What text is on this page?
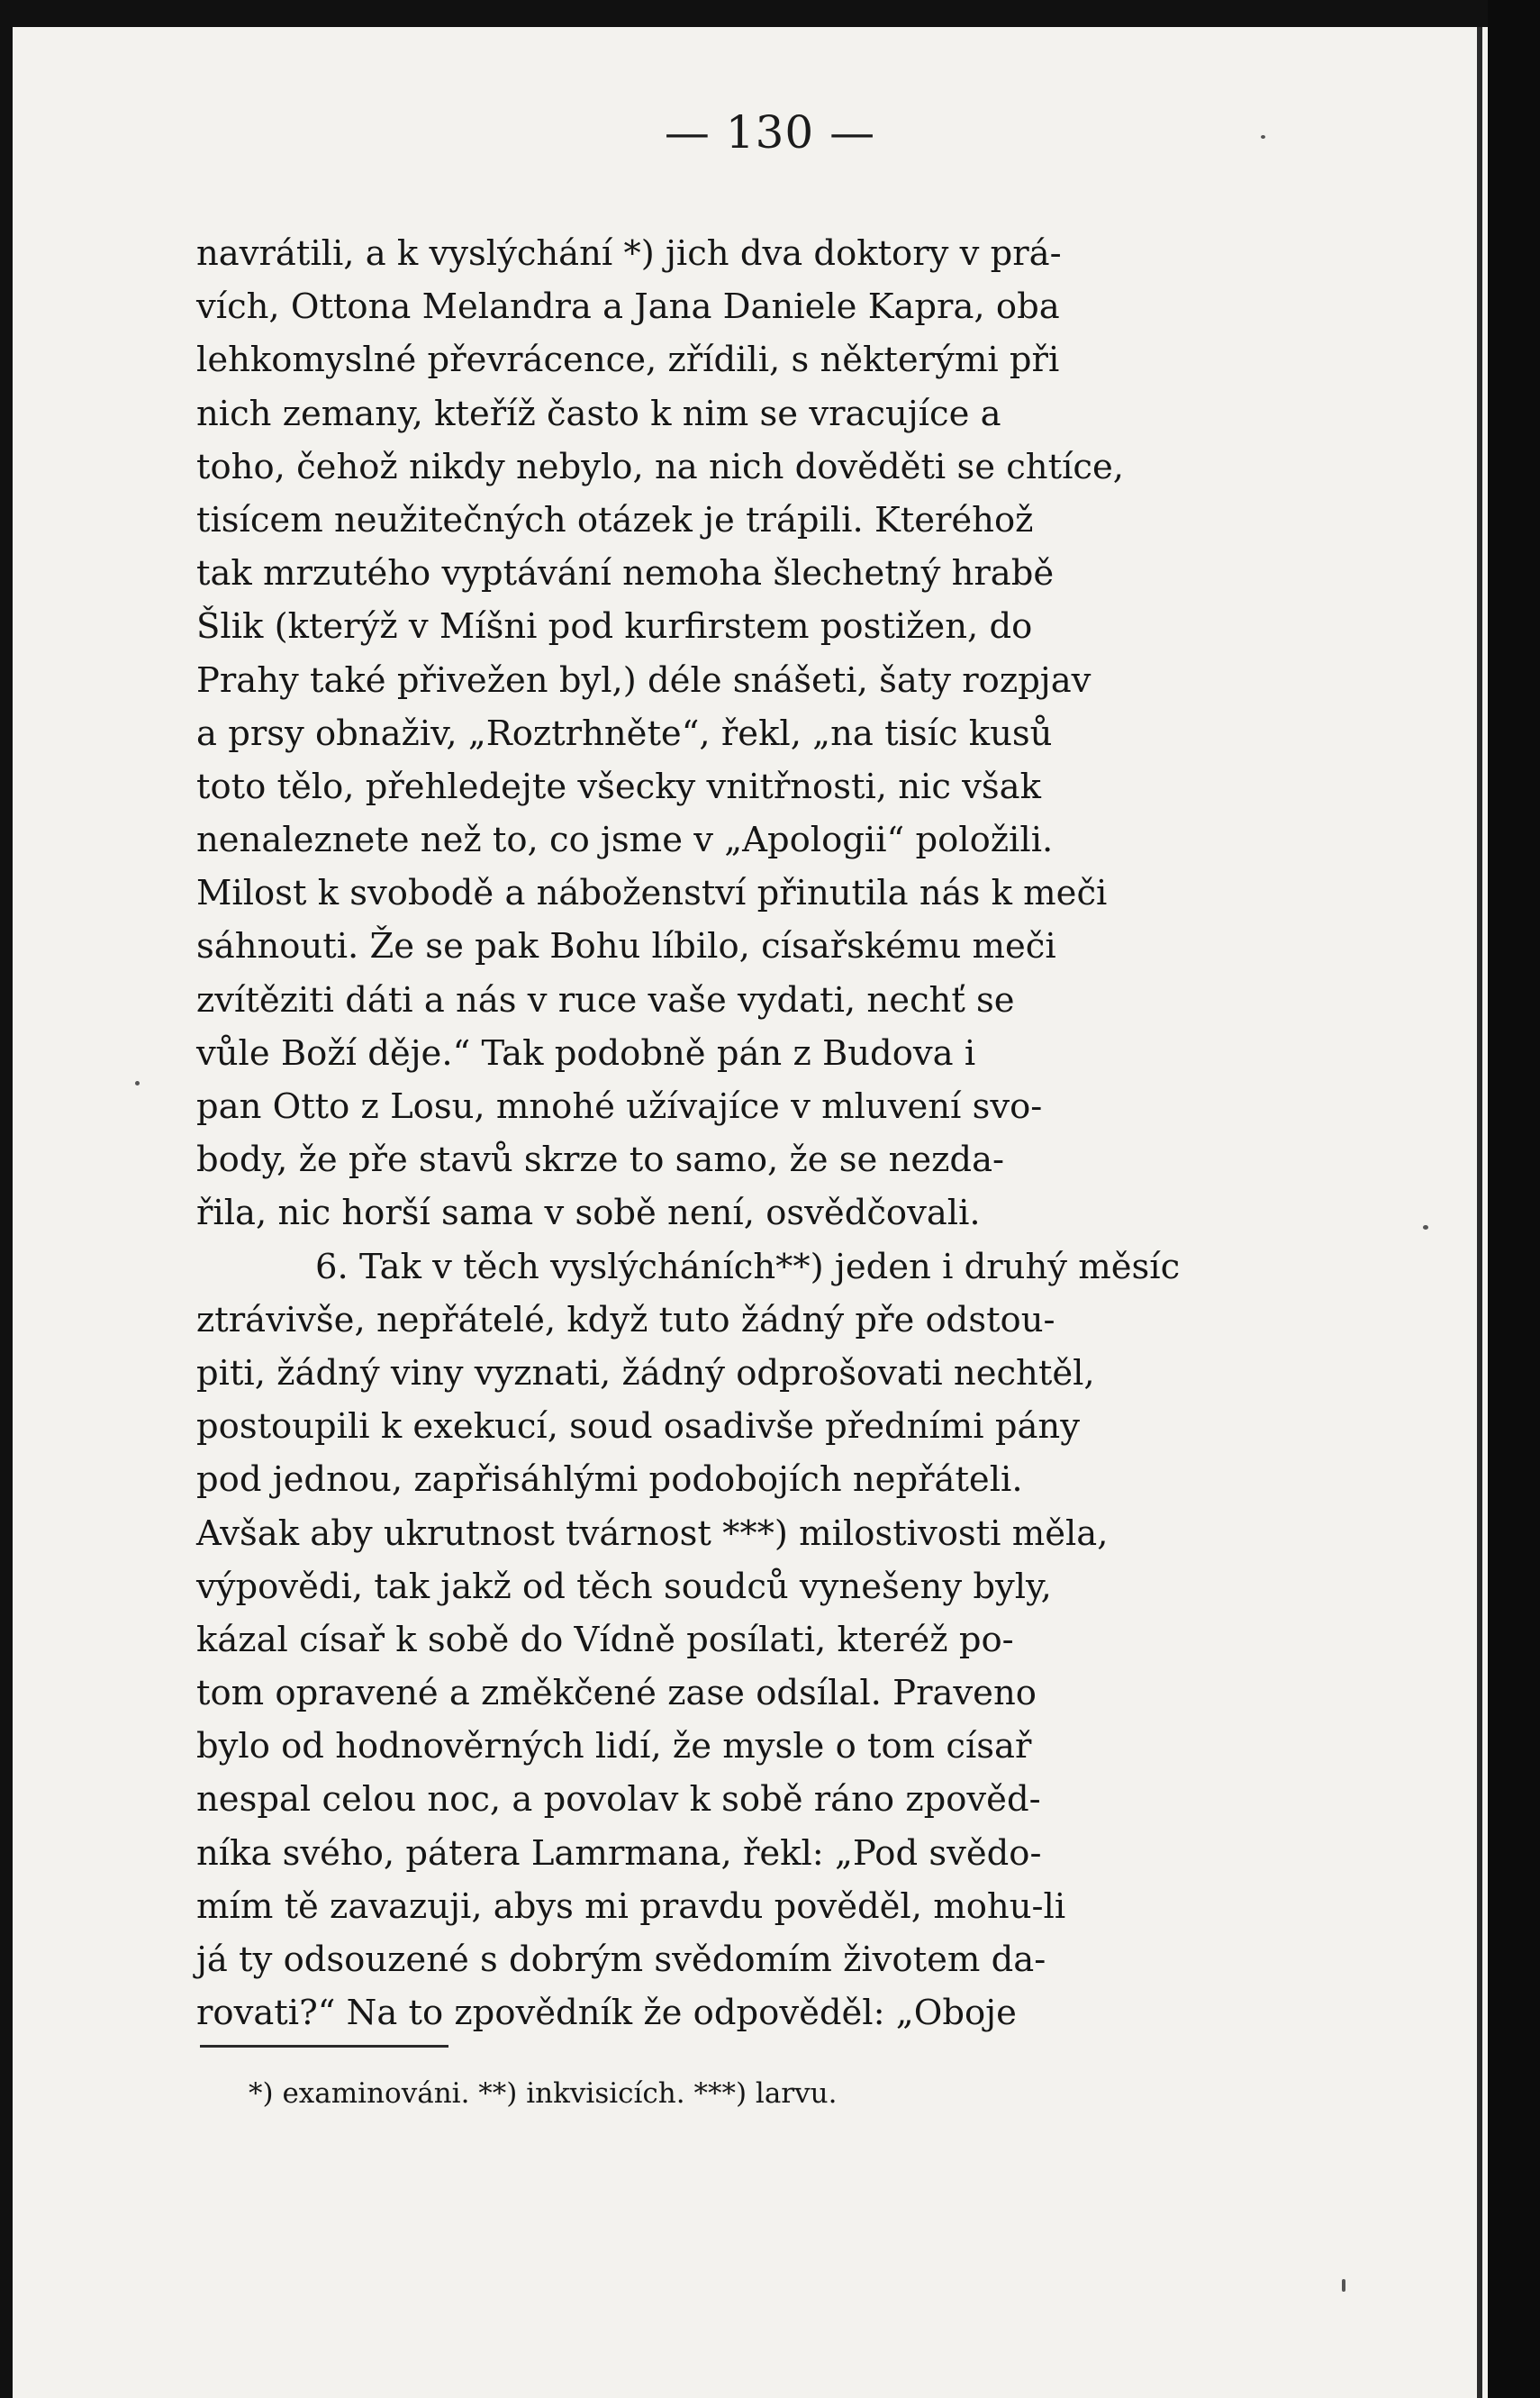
— 130 —
navrátili, a k vyslýchání *) jich dva doktory v prá-
vích, Ottona Melandra a Jana Daniele Kapra, oba
lehkomyslné převrácence, zřídili, s některými při
nich zemany, kteříž často k nim se vracujíce a
toho, čehož nikdy nebylo, na nich dověděti se chtíce,
tisícem neužitečných otázek je trápili. Kteréhož
tak mrzutého vyptávání nemoha šlechetný hrabě
Šlik (kterýž v Míšni pod kurfirstem postižen, do
Prahy také přivežen byl,) déle snášeti, šaty rozpjav
a prsy obnaživ, „Roztrhněte“, řekl, „na tisíc kusů
toto tělo, přehledejte všecky vnitřnosti, nic však
nenaleznete než to, co jsme v „Apologii“ položili.
Milost k svobodě a náboženství přinutila nás k meči
sáhnouti. Že se pak Bohu líbilo, císařskému meči
zvítěziti dáti a nás v ruce vaše vydati, nechť se
vůle Boží děje.“ Tak podobně pán z Budova i
pan Otto z Losu, mnohé užívajíce v mluvení svo-
body, že pře stavů skrze to samo, že se nezda-
řila, nic horší sama v sobě není, osvědčovali.
6. Tak v těch vyslýcháních**) jeden i druhý měsíc
ztrávivše, nepřátelé, když tuto žádný pře odstou-
piti, žádný viny vyznati, žádný odprošovati nechtěl,
postoupili k exekucí, soud osadivše předními pány
pod jednou, zapřisáhlými podobojích nepřáteli.
Avšak aby ukrutnost tvárnost ***) milostivosti měla,
výpovědi, tak jakž od těch soudců vynešeny byly,
kázal císař k sobě do Vídně posílati, kteréž po-
tom opravené a změkčené zase odsílal. Praveno
bylo od hodnověrných lidí, že mysle o tom císař
nespal celou noc, a povolav k sobě ráno zpověd-
níka svého, pátera Lamrmana, řekl: „Pod svědo-
mím tě zavazuji, abys mi pravdu pověděl, mohu-li
já ty odsouzené s dobrým svědomím životem da-
rovati?“ Na to zpovědník že odpověděl: „Oboje
*) examinováni. **) inkvisicích. ***) larvu.
